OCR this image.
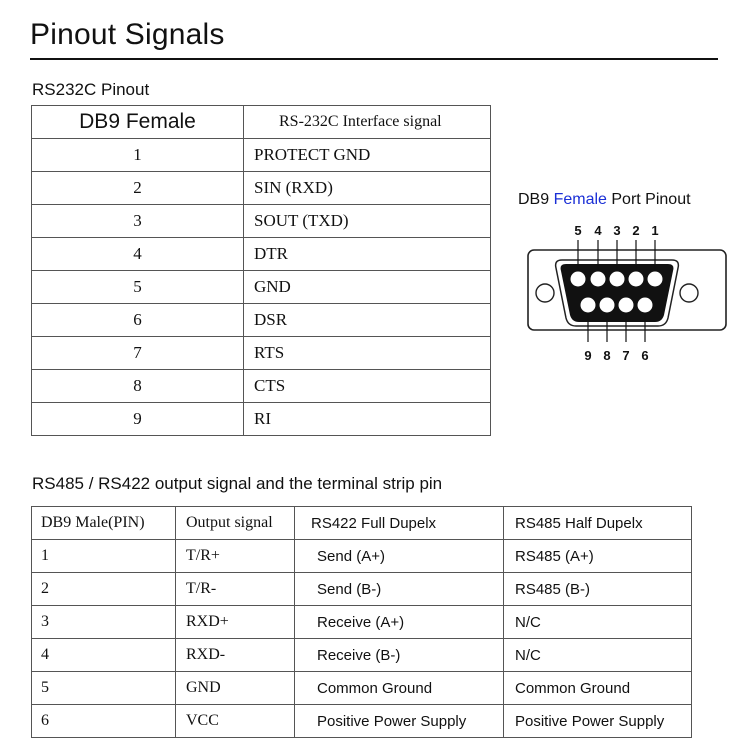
Pinout Signals
RS232C Pinout
DB9 Female	RS-232C Interface signal
1	PROTECT GND
2	SIN (RXD)
3	SOUT (TXD)
4	DTR
5	GND
6	DSR
7	RTS
8	CTS
9	RI
DB9 Female Port Pinout
5 4 3 2 1
9 8 7 6
RS485 / RS422 output signal and the terminal strip pin
DB9 Male(PIN)	Output signal	RS422 Full Dupelx	RS485 Half Dupelx
1	T/R+	Send (A+)	RS485 (A+)
2	T/R-	Send (B-)	RS485 (B-)
3	RXD+	Receive (A+)	N/C
4	RXD-	Receive (B-)	N/C
5	GND	Common Ground	Common Ground
6	VCC	Positive Power Supply	Positive Power Supply
